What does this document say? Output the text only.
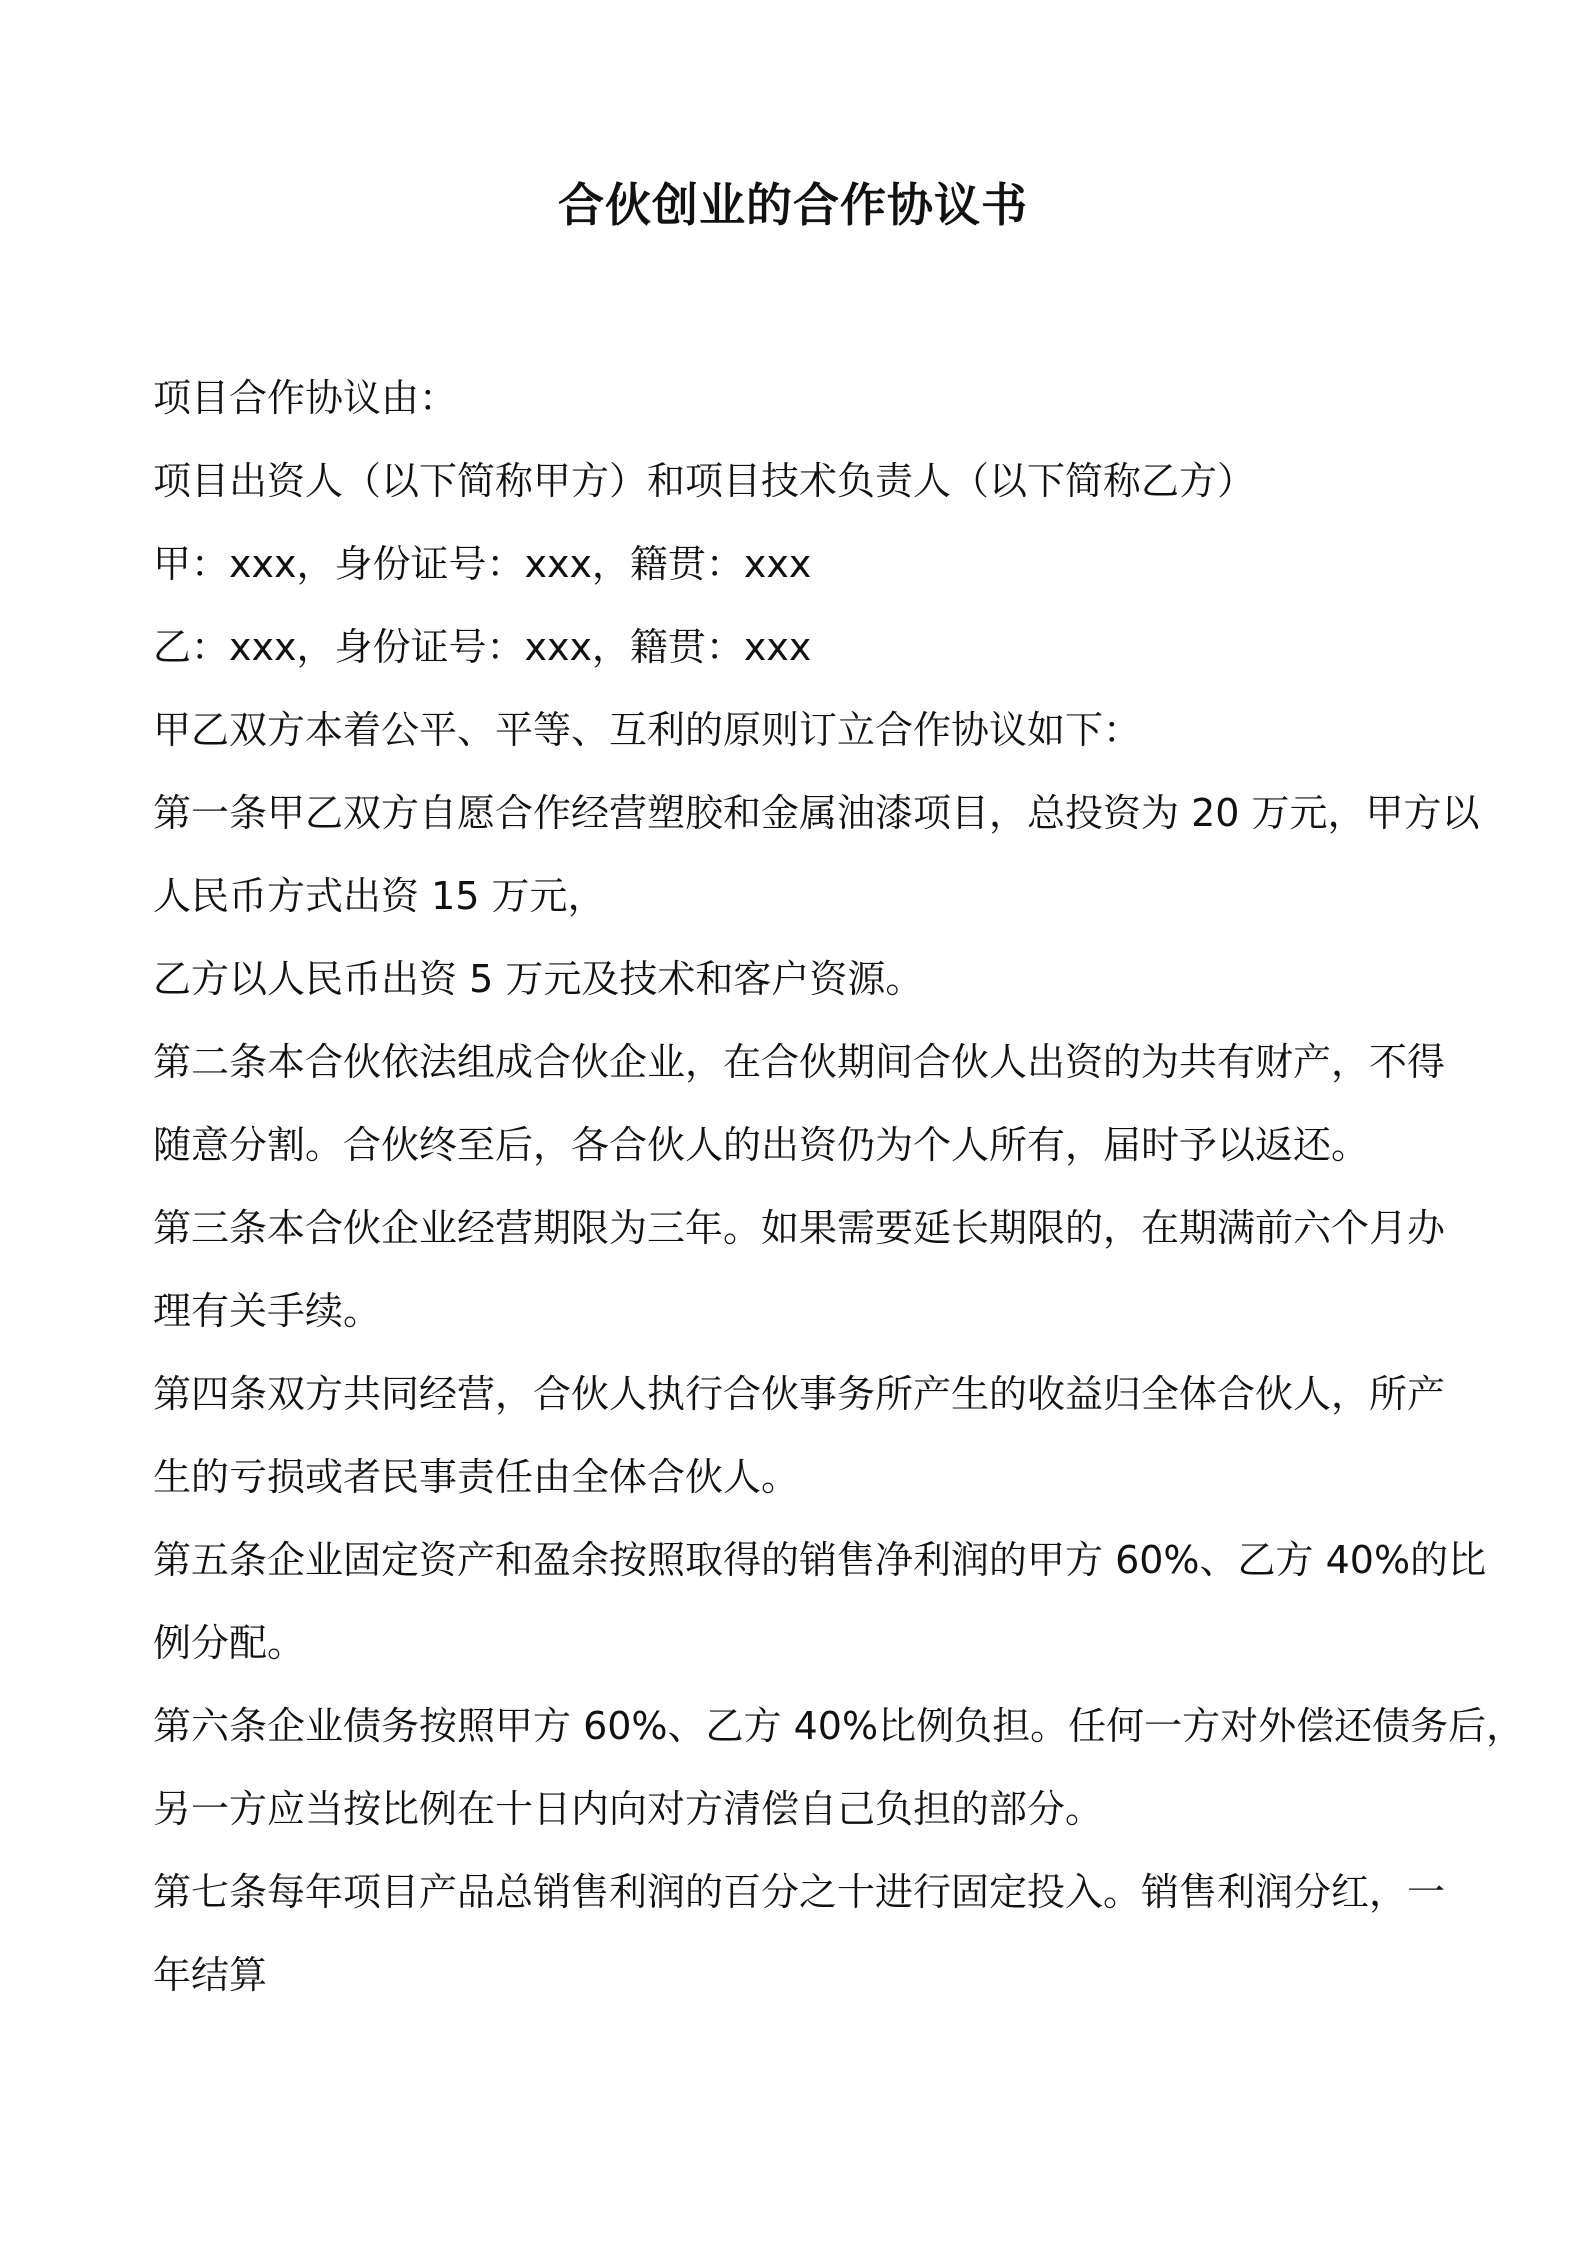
合伙创业的合作协议书
项目合作协议由：
项目出资人（以下简称甲方）和项目技术负责人（以下简称乙方）
甲：xxx，身份证号：xxx，籍贯：xxx
乙：xxx，身份证号：xxx，籍贯：xxx
甲乙双方本着公平、平等、互利的原则订立合作协议如下：
第一条甲乙双方自愿合作经营塑胶和金属油漆项目，总投资为 20 万元，甲方以
人民币方式出资 15 万元，
乙方以人民币出资 5 万元及技术和客户资源。
第二条本合伙依法组成合伙企业，在合伙期间合伙人出资的为共有财产，不得
随意分割。合伙终至后，各合伙人的出资仍为个人所有，届时予以返还。
第三条本合伙企业经营期限为三年。如果需要延长期限的，在期满前六个月办
理有关手续。
第四条双方共同经营，合伙人执行合伙事务所产生的收益归全体合伙人，所产
生的亏损或者民事责任由全体合伙人。
第五条企业固定资产和盈余按照取得的销售净利润的甲方 60%、乙方 40%的比
例分配。
第六条企业债务按照甲方 60%、乙方 40%比例负担。任何一方对外偿还债务后，
另一方应当按比例在十日内向对方清偿自己负担的部分。
第七条每年项目产品总销售利润的百分之十进行固定投入。销售利润分红，一
年结算
